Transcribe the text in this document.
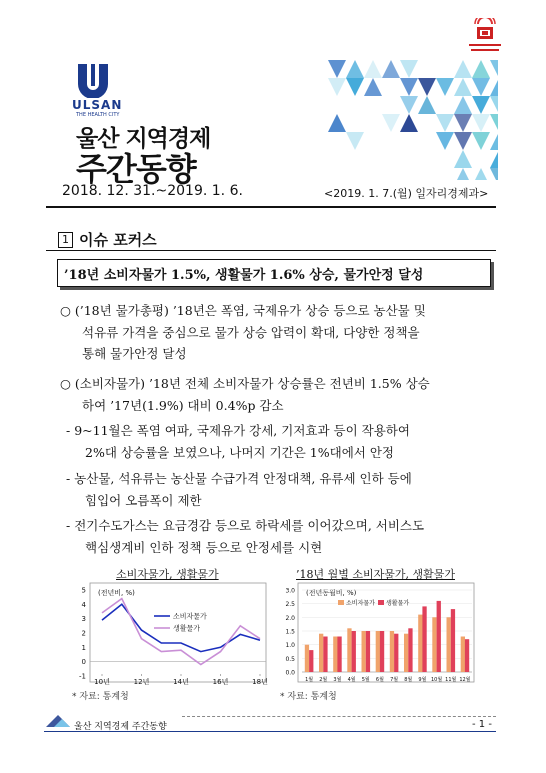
ULSAN
THE HEALTH CITY
울산 지역경제
주간동향
2018. 12. 31.~2019. 1. 6.	<2019. 1. 7.(월) 일자리경제과>
1 이슈 포커스
’18년 소비자물가 1.5%, 생활물가 1.6% 상승, 물가안정 달성
○ (’18년 물가총평) ’18년은 폭염, 국제유가 상승 등으로 농산물 및
석유류 가격을 중심으로 물가 상승 압력이 확대, 다양한 정책을
통해 물가안정 달성
○ (소비자물가) ’18년 전체 소비자물가 상승률은 전년비 1.5% 상승
하여 ’17년(1.9%) 대비 0.4%p 감소
- 9~11월은 폭염 여파, 국제유가 강세, 기저효과 등이 작용하여
2%대 상승률을 보였으나, 나머지 기간은 1%대에서 안정
- 농산물, 석유류는 농산물 수급가격 안정대책, 유류세 인하 등에
힘입어 오름폭이 제한
- 전기수도가스는 요금경감 등으로 하락세를 이어갔으며, 서비스도
핵심생계비 인하 정책 등으로 안정세를 시현
소비자물가, 생활물가
(전년비, %)
-1
0
1
2
3
4
5
10년	12년	14년	16년	18년
소비자물가
생활물가
* 자료: 통계청
’18년 월별 소비자물가, 생활물가
(전년동월비, %)
0.0
0.5
1.0
1.5
2.0
2.5
3.0
1월 2월 3월 4월 5월 6월 7월 8월 9월 10월 11월 12월
소비자물가 생활물가
* 자료: 통계청
울산 지역경제 주간동향	- 1 -
